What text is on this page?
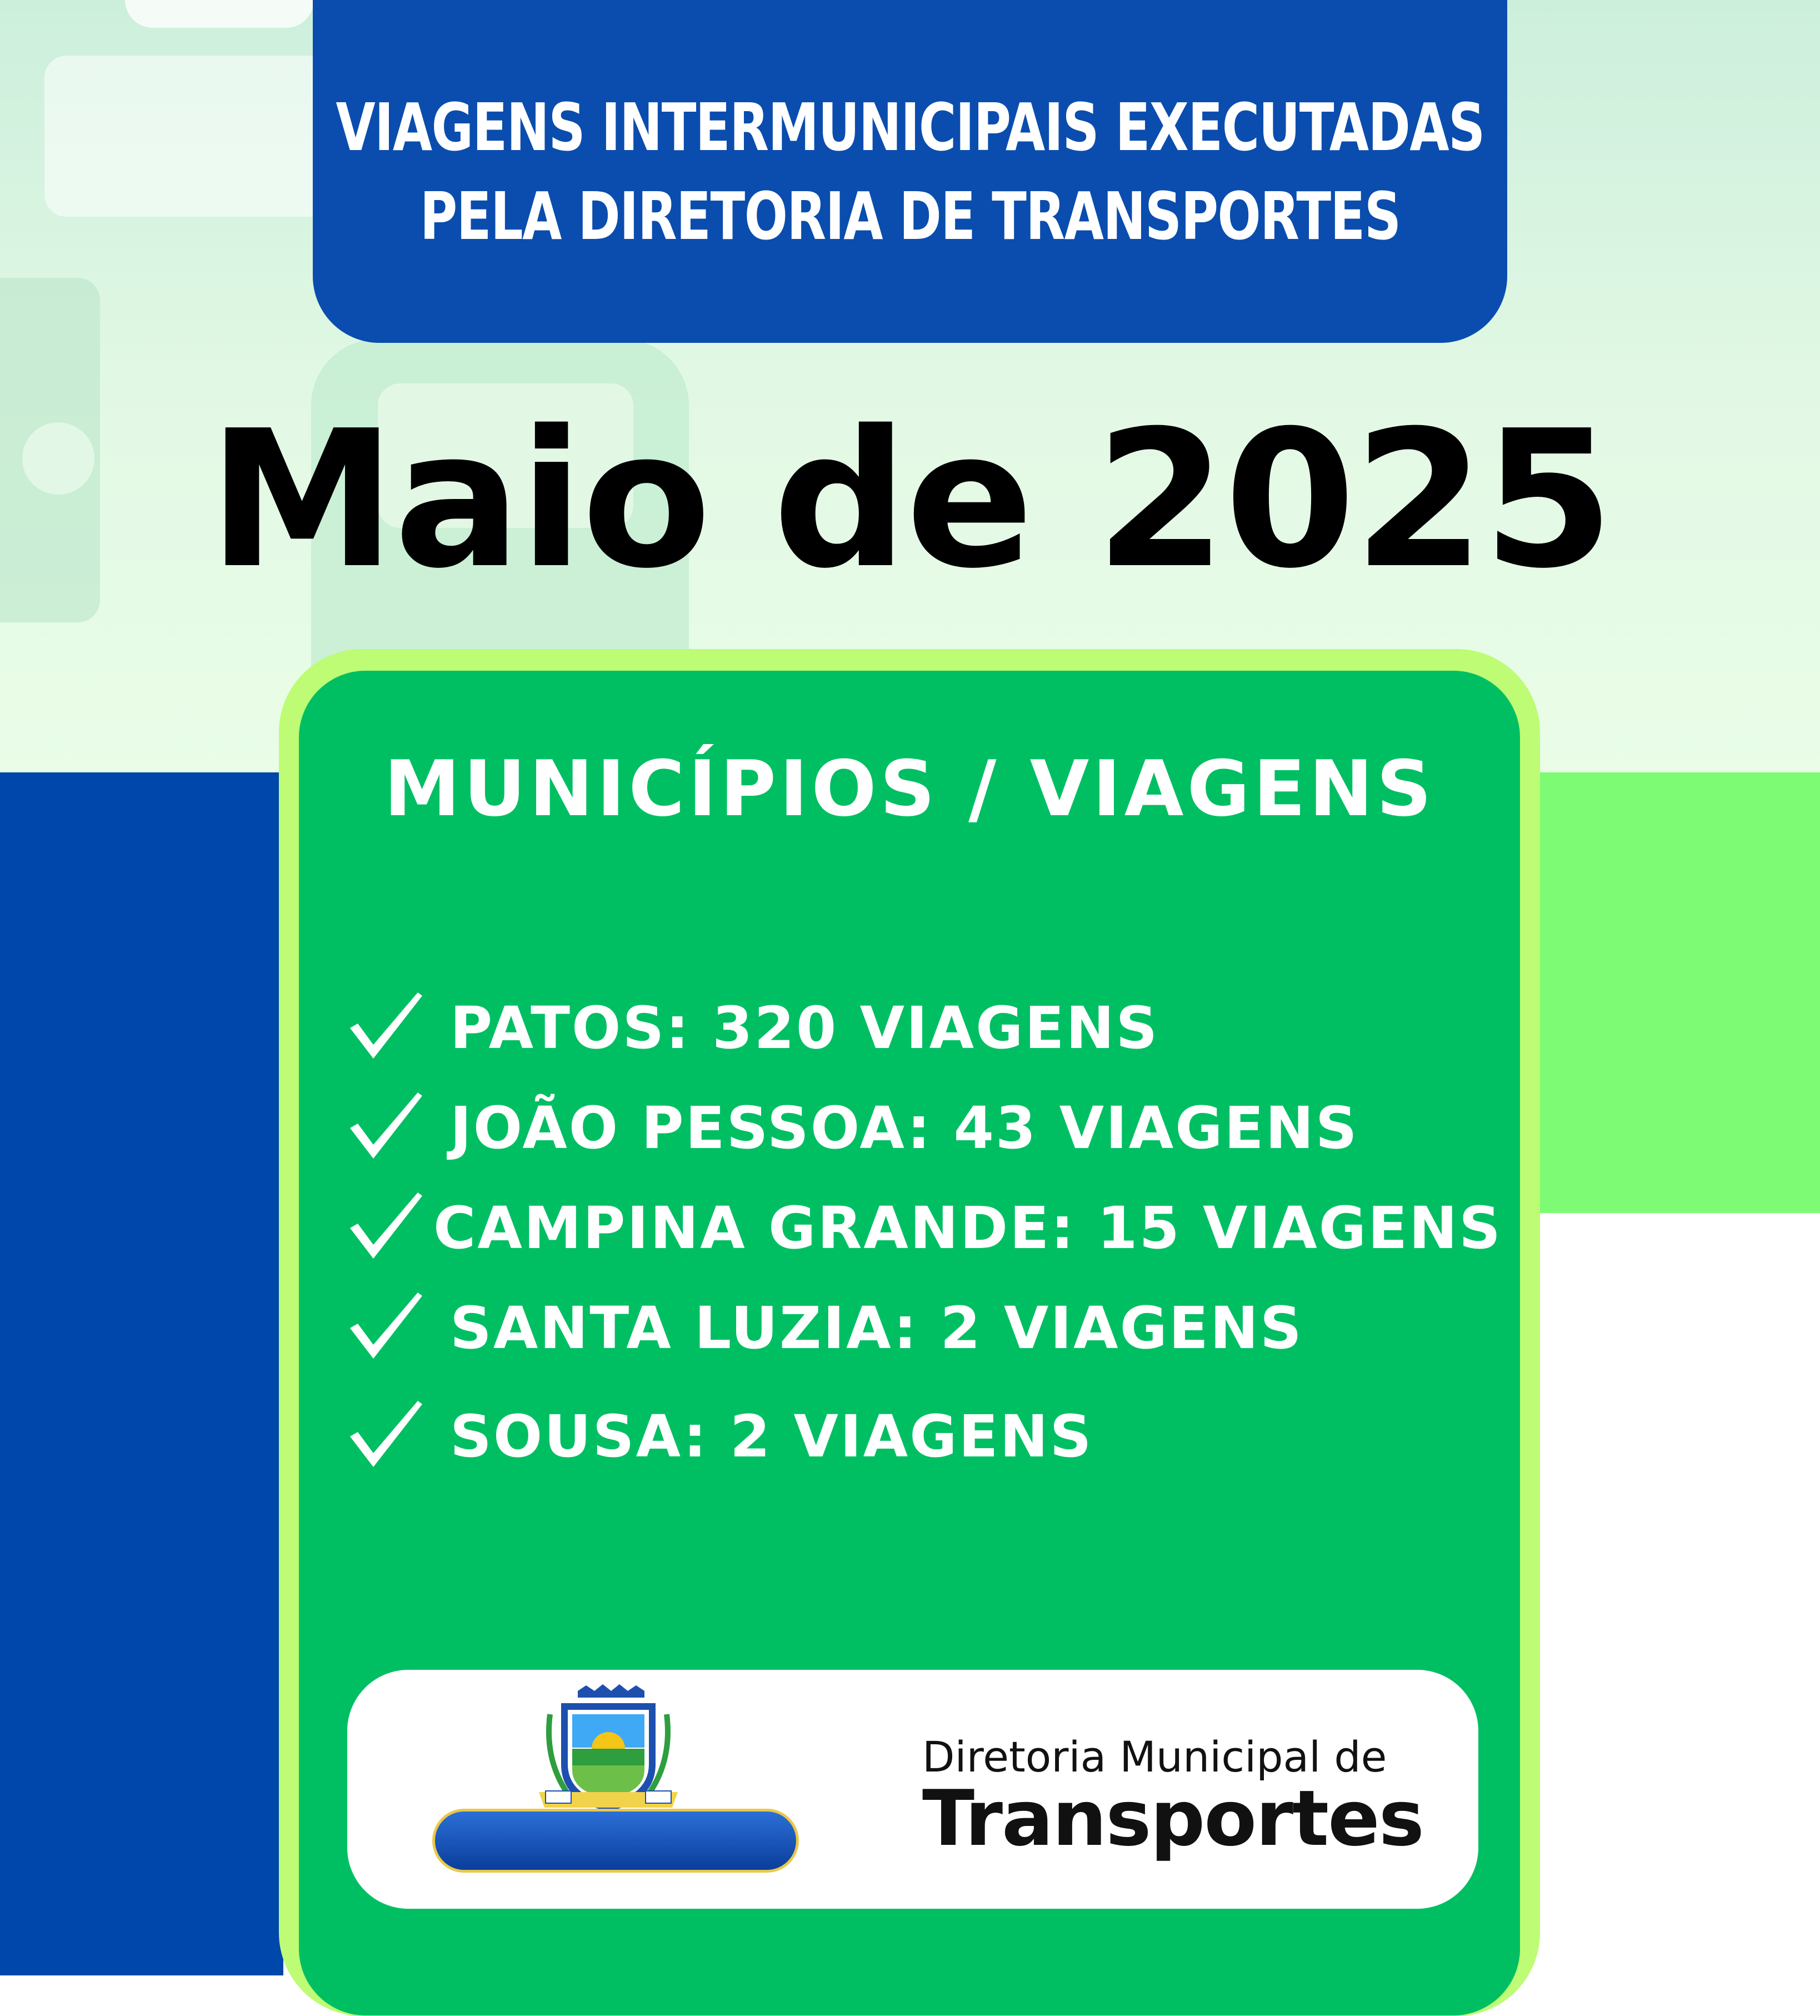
VIAGENS INTERMUNICIPAIS EXECUTADAS
PELA DIRETORIA DE TRANSPORTES
Maio de 2025
MUNICÍPIOS / VIAGENS
PATOS: 320 VIAGENS
JOÃO PESSOA: 43 VIAGENS
CAMPINA GRANDE: 15 VIAGENS
SANTA LUZIA: 2 VIAGENS
SOUSA: 2 VIAGENS
Diretoria Municipal de
Transportes
